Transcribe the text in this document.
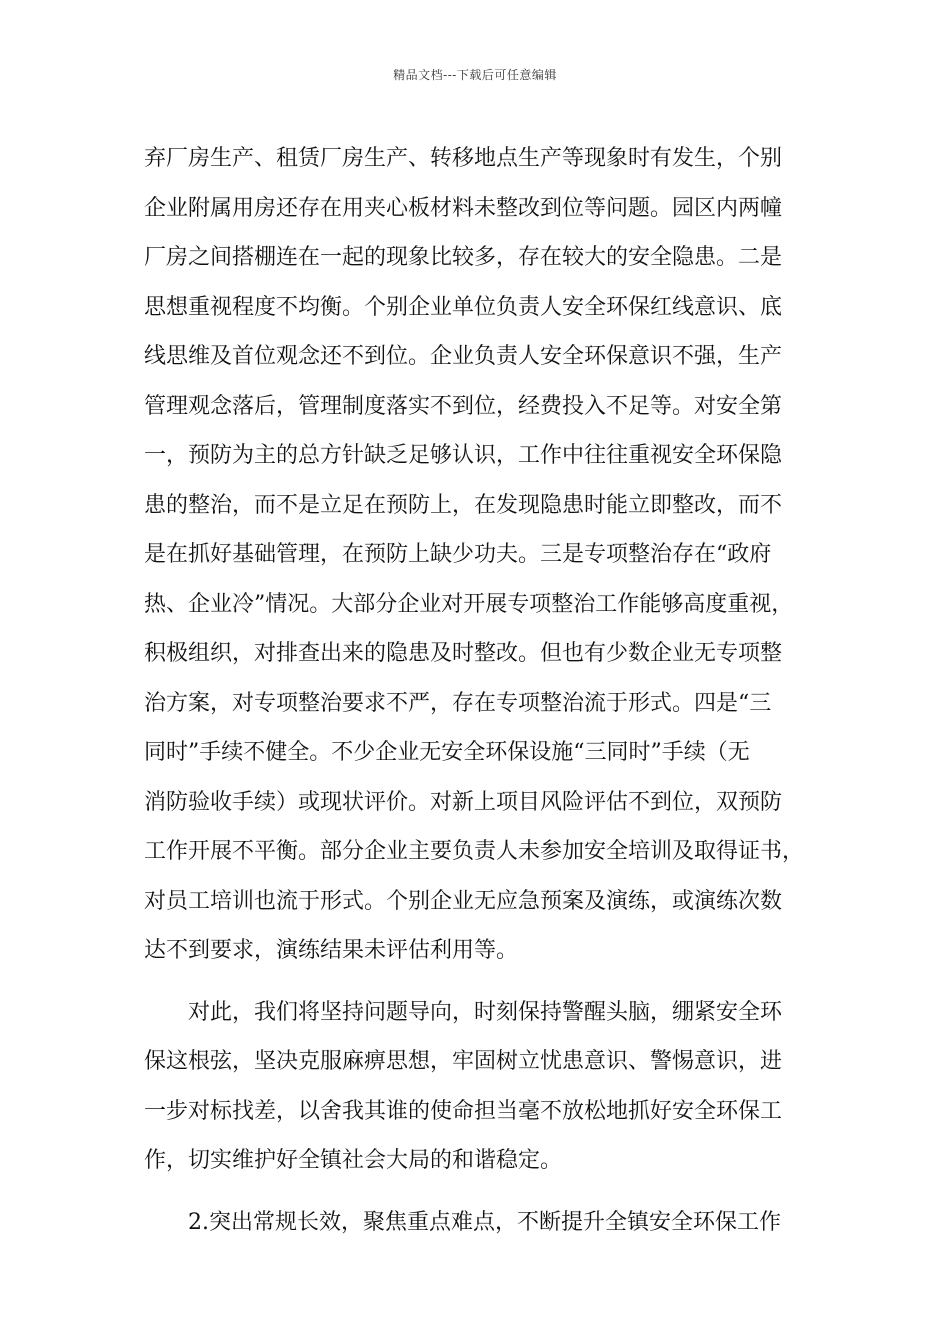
精品文档---下载后可任意编辑
弃厂房生产、租赁厂房生产、转移地点生产等现象时有发生，个别
企业附属用房还存在用夹心板材料未整改到位等问题。园区内两幢
厂房之间搭棚连在一起的现象比较多，存在较大的安全隐患。二是
思想重视程度不均衡。个别企业单位负责人安全环保红线意识、底
线思维及首位观念还不到位。企业负责人安全环保意识不强，生产
管理观念落后，管理制度落实不到位，经费投入不足等。对安全第
一，预防为主的总方针缺乏足够认识，工作中往往重视安全环保隐
患的整治，而不是立足在预防上，在发现隐患时能立即整改，而不
是在抓好基础管理，在预防上缺少功夫。三是专项整治存在“政府
热、企业冷”情况。大部分企业对开展专项整治工作能够高度重视，
积极组织，对排查出来的隐患及时整改。但也有少数企业无专项整
治方案，对专项整治要求不严，存在专项整治流于形式。四是“三
同时”手续不健全。不少企业无安全环保设施“三同时”手续（无
消防验收手续）或现状评价。对新上项目风险评估不到位，双预防
工作开展不平衡。部分企业主要负责人未参加安全培训及取得证书，
对员工培训也流于形式。个别企业无应急预案及演练，或演练次数
达不到要求，演练结果未评估利用等。
对此，我们将坚持问题导向，时刻保持警醒头脑，绷紧安全环
保这根弦，坚决克服麻痹思想，牢固树立忧患意识、警惕意识，进
一步对标找差，以舍我其谁的使命担当毫不放松地抓好安全环保工
作，切实维护好全镇社会大局的和谐稳定。
2.突出常规长效，聚焦重点难点，不断提升全镇安全环保工作
